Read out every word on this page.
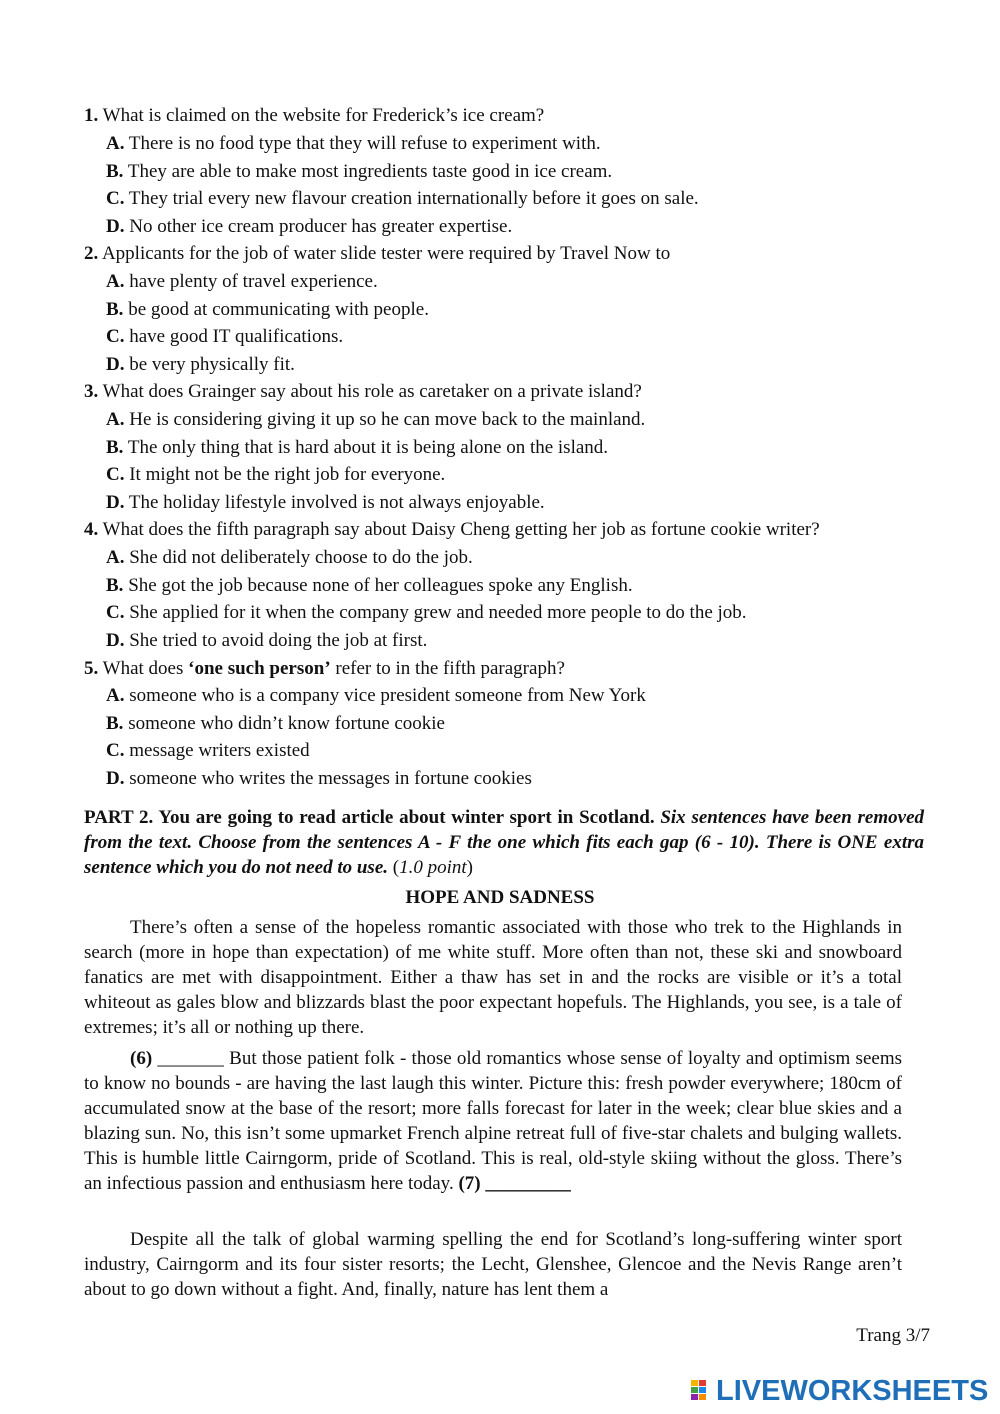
1. What is claimed on the website for Frederick’s ice cream?
A. There is no food type that they will refuse to experiment with.
B. They are able to make most ingredients taste good in ice cream.
C. They trial every new flavour creation internationally before it goes on sale.
D. No other ice cream producer has greater expertise.
2. Applicants for the job of water slide tester were required by Travel Now to
A. have plenty of travel experience.
B. be good at communicating with people.
C. have good IT qualifications.
D. be very physically fit.
3. What does Grainger say about his role as caretaker on a private island?
A. He is considering giving it up so he can move back to the mainland.
B. The only thing that is hard about it is being alone on the island.
C. It might not be the right job for everyone.
D. The holiday lifestyle involved is not always enjoyable.
4. What does the fifth paragraph say about Daisy Cheng getting her job as fortune cookie writer?
A. She did not deliberately choose to do the job.
B. She got the job because none of her colleagues spoke any English.
C. She applied for it when the company grew and needed more people to do the job.
D. She tried to avoid doing the job at first.
5. What does ‘one such person’ refer to in the fifth paragraph?
A. someone who is a company vice president someone from New York
B. someone who didn’t know fortune cookie
C. message writers existed
D. someone who writes the messages in fortune cookies
PART 2. You are going to read article about winter sport in Scotland. Six sentences have been removed from the text. Choose from the sentences A - F the one which fits each gap (6 - 10). There is ONE extra sentence which you do not need to use. (1.0 point)
HOPE AND SADNESS
There’s often a sense of the hopeless romantic associated with those who trek to the Highlands in search (more in hope than expectation) of me white stuff. More often than not, these ski and snowboard fanatics are met with disappointment. Either a thaw has set in and the rocks are visible or it’s a total whiteout as gales blow and blizzards blast the poor expectant hopefuls. The Highlands, you see, is a tale of extremes; it’s all or nothing up there.
(6) _______ But those patient folk - those old romantics whose sense of loyalty and optimism seems to know no bounds - are having the last laugh this winter. Picture this: fresh powder everywhere; 180cm of accumulated snow at the base of the resort; more falls forecast for later in the week; clear blue skies and a blazing sun. No, this isn’t some upmarket French alpine retreat full of five-star chalets and bulging wallets. This is humble little Cairngorm, pride of Scotland. This is real, old-style skiing without the gloss. There’s an infectious passion and enthusiasm here today. (7) _________
Despite all the talk of global warming spelling the end for Scotland’s long-suffering winter sport industry, Cairngorm and its four sister resorts; the Lecht, Glenshee, Glencoe and the Nevis Range aren’t about to go down without a fight. And, finally, nature has lent them a
Trang 3/7
LIVEWORKSHEETS
